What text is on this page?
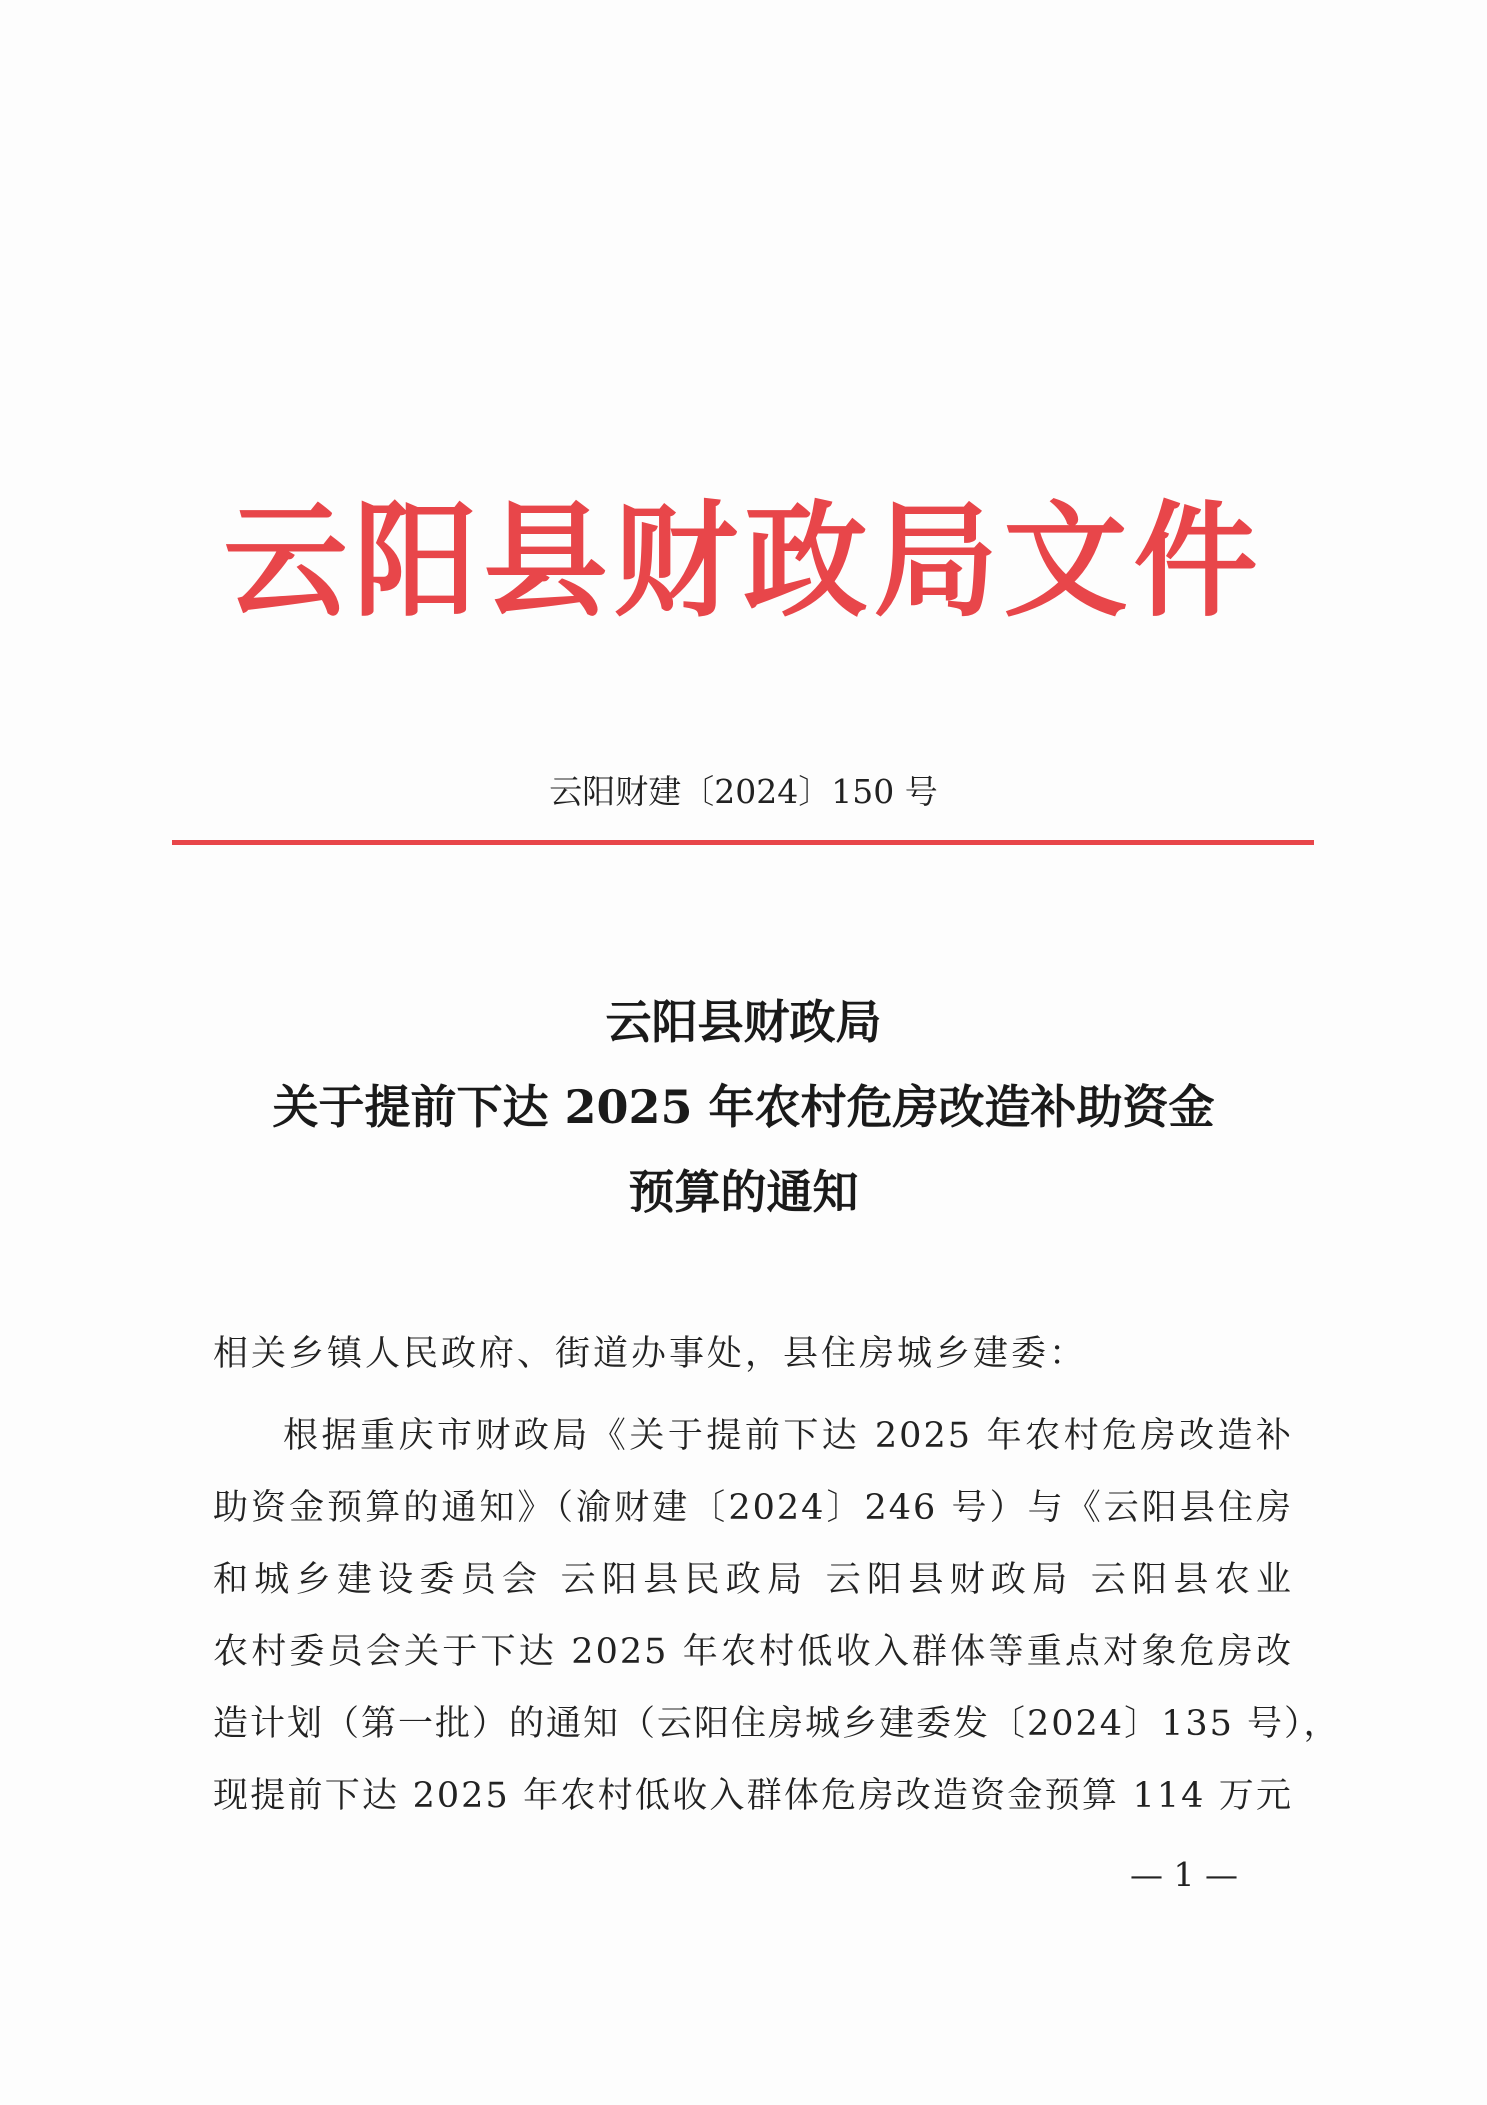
云阳县财政局文件
云阳财建〔2024〕150 号
云阳县财政局
关于提前下达 2025 年农村危房改造补助资金
预算的通知
相关乡镇人民政府、街道办事处，县住房城乡建委：
根据重庆市财政局《关于提前下达 2025 年农村危房改造补
助资金预算的通知》（渝财建〔2024〕246 号）与《云阳县住房
和城乡建设委员会 云阳县民政局 云阳县财政局 云阳县农业
农村委员会关于下达 2025 年农村低收入群体等重点对象危房改
造计划（第一批）的通知（云阳住房城乡建委发〔2024〕135 号），
现提前下达 2025 年农村低收入群体危房改造资金预算 114 万元
— 1 —
